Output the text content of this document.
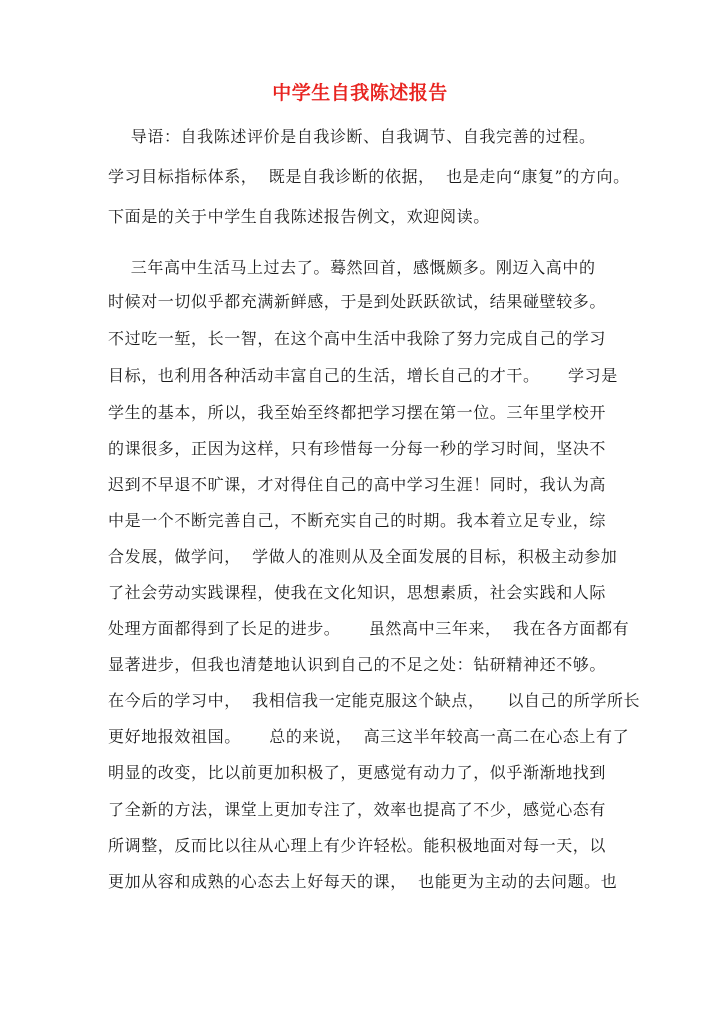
中学生自我陈述报告
导语：自我陈述评价是自我诊断、自我调节、自我完善的过程。
学习目标指标体系，  既是自我诊断的依据，  也是走向“康复”的方向。
下面是的关于中学生自我陈述报告例文，欢迎阅读。
三年高中生活马上过去了。蓦然回首，感慨颇多。刚迈入高中的
时候对一切似乎都充满新鲜感，于是到处跃跃欲试，结果碰壁较多。
不过吃一堑，长一智，在这个高中生活中我除了努力完成自己的学习
目标，也利用各种活动丰富自己的生活，增长自己的才干。     学习是
学生的基本，所以，我至始至终都把学习摆在第一位。三年里学校开
的课很多，正因为这样，只有珍惜每一分每一秒的学习时间，坚决不
迟到不早退不旷课，才对得住自己的高中学习生涯！同时，我认为高
中是一个不断完善自己，不断充实自己的时期。我本着立足专业，综
合发展，做学问，  学做人的准则从及全面发展的目标，积极主动参加
了社会劳动实践课程，使我在文化知识，思想素质，社会实践和人际
处理方面都得到了长足的进步。     虽然高中三年来，  我在各方面都有
显著进步，但我也清楚地认识到自己的不足之处：钻研精神还不够。
在今后的学习中，  我相信我一定能克服这个缺点，    以自己的所学所长
更好地报效祖国。     总的来说，  高三这半年较高一高二在心态上有了
明显的改变，比以前更加积极了，更感觉有动力了，似乎渐渐地找到
了全新的方法，课堂上更加专注了，效率也提高了不少，感觉心态有
所调整，反而比以往从心理上有少许轻松。能积极地面对每一天，以
更加从容和成熟的心态去上好每天的课，  也能更为主动的去问题。也
